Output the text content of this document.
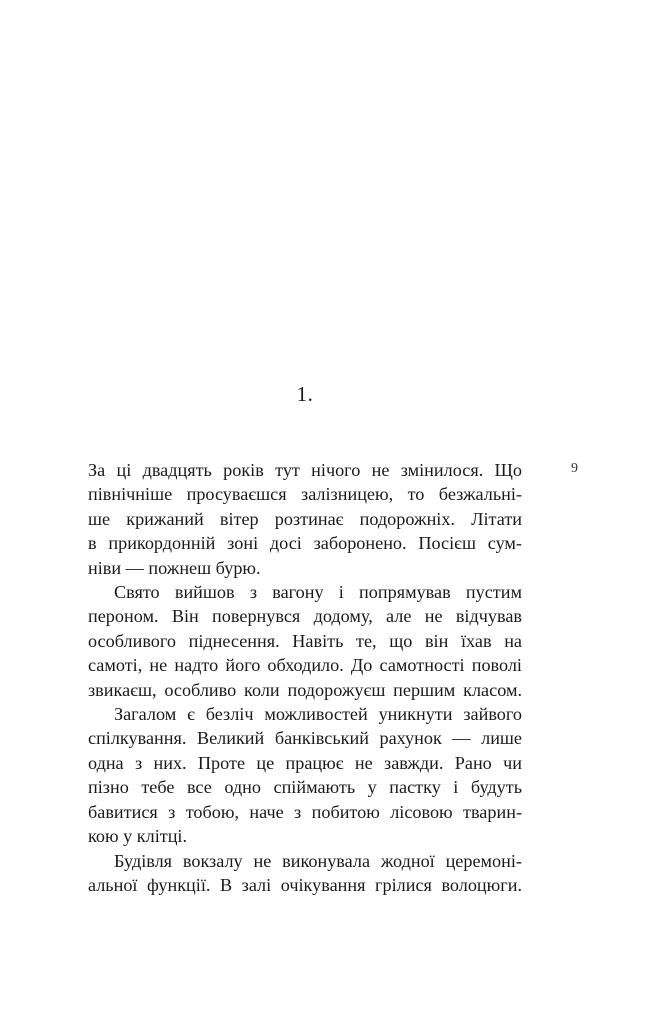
1.
9
За ці двадцять років тут нічого не змінилося. Що
північніше просуваєшся залізницею, то безжальні-
ше крижаний вітер розтинає подорожніх. Літати
в прикордонній зоні досі заборонено. Посієш сум-
ніви — пожнеш бурю.
Свято вийшов з вагону і попрямував пустим
пероном. Він повернувся додому, але не відчував
особливого піднесення. Навіть те, що він їхав на
самоті, не надто його обходило. До самотності поволі
звикаєш, особливо коли подорожуєш першим класом.
Загалом є безліч можливостей уникнути зайвого
спілкування. Великий банківський рахунок — лише
одна з них. Проте це працює не завжди. Рано чи
пізно тебе все одно спіймають у пастку і будуть
бавитися з тобою, наче з побитою лісовою тварин-
кою у клітці.
Будівля вокзалу не виконувала жодної церемоні-
альної функції. В залі очікування грілися волоцюги.
